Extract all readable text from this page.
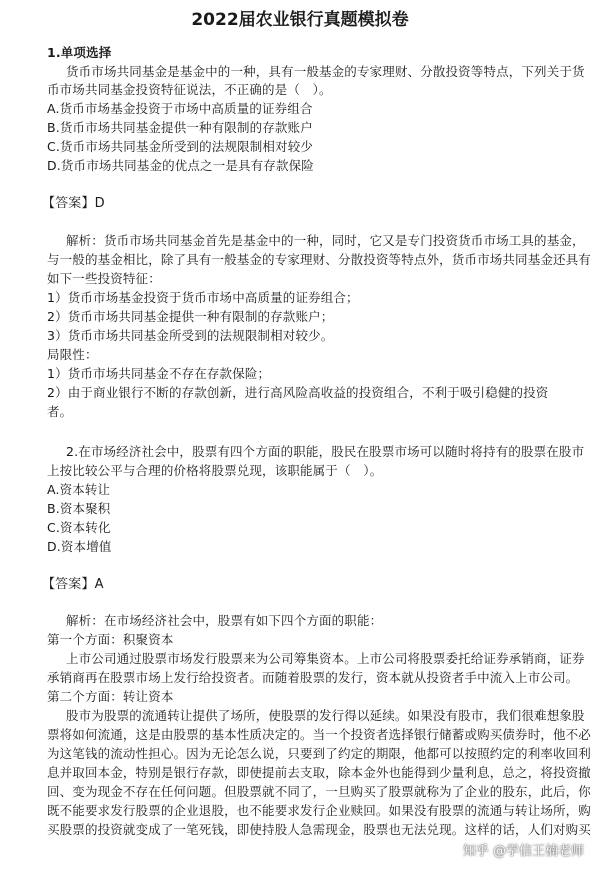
2022届农业银行真题模拟卷
1.单项选择
货币市场共同基金是基金中的一种，具有一般基金的专家理财、分散投资等特点，下列关于货
币市场共同基金投资特征说法，不正确的是（　）。
A.货币市场基金投资于市场中高质量的证券组合
B.货币市场共同基金提供一种有限制的存款账户
C.货币市场共同基金所受到的法规限制相对较少
D.货币市场共同基金的优点之一是具有存款保险
【答案】D
解析：货币市场共同基金首先是基金中的一种，同时，它又是专门投资货币市场工具的基金，
与一般的基金相比，除了具有一般基金的专家理财、分散投资等特点外，货币市场共同基金还具有
如下一些投资特征：
1）货币市场基金投资于货币市场中高质量的证券组合；
2）货币市场共同基金提供一种有限制的存款账户；
3）货币市场共同基金所受到的法规限制相对较少。
局限性：
1）货币市场共同基金不存在存款保险；
2）由于商业银行不断的存款创新，进行高风险高收益的投资组合，不利于吸引稳健的投资
者。
2.在市场经济社会中，股票有四个方面的职能，股民在股票市场可以随时将持有的股票在股市
上按比较公平与合理的价格将股票兑现，该职能属于（　）。
A.资本转让
B.资本聚积
C.资本转化
D.资本增值
【答案】A
解析：在市场经济社会中，股票有如下四个方面的职能：
第一个方面：积聚资本
上市公司通过股票市场发行股票来为公司筹集资本。上市公司将股票委托给证券承销商，证券
承销商再在股票市场上发行给投资者。而随着股票的发行，资本就从投资者手中流入上市公司。
第二个方面：转让资本
股市为股票的流通转让提供了场所，使股票的发行得以延续。如果没有股市，我们很难想象股
票将如何流通，这是由股票的基本性质决定的。当一个投资者选择银行储蓄或购买债券时，他不必
为这笔钱的流动性担心。因为无论怎么说，只要到了约定的期限，他都可以按照约定的利率收回利
息并取回本金，特别是银行存款，即使提前去支取，除本金外也能得到少量利息，总之，将投资撤
回、变为现金不存在任何问题。但股票就不同了，一旦购买了股票就称为了企业的股东，此后，你
既不能要求发行股票的企业退股，也不能要求发行企业赎回。如果没有股票的流通与转让场所，购
买股票的投资就变成了一笔死钱，即使持股人急需现金，股票也无法兑现。这样的话，人们对购买
知乎 @学信王楠老师
